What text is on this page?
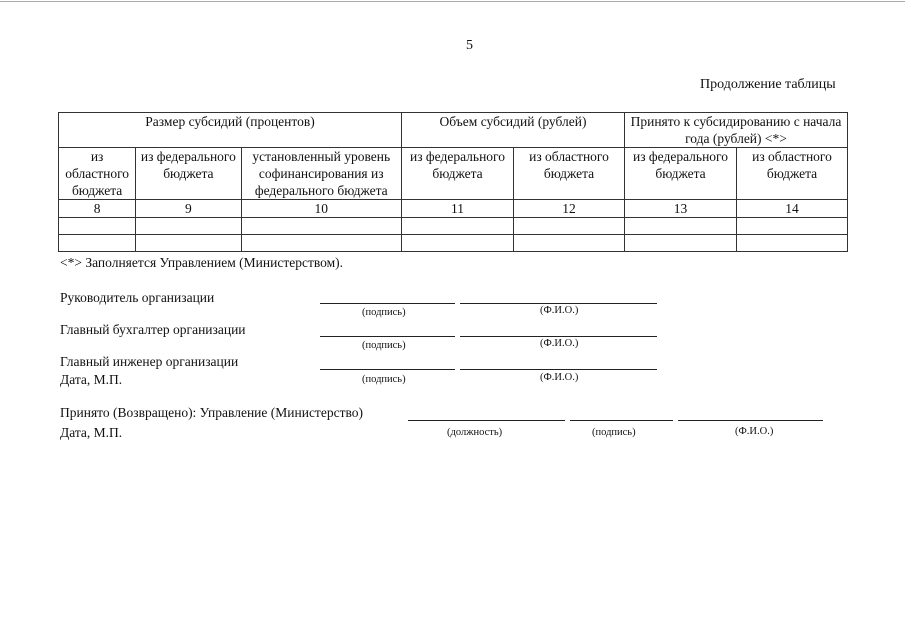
5
Продолжение таблицы
Размер субсидий (процентов)			Объем субсидий (рублей)		Принято к субсидированию с начала года (рублей) <*>	
из областного бюджета	из федерального бюджета	установленный уровень софинансирования из федерального бюджета	из федерального бюджета	из областного бюджета	из федерального бюджета	из областного бюджета
8	9	10	11	12	13	14

<*> Заполняется Управлением (Министерством).
Руководитель организации
(подпись)	(Ф.И.О.)
Главный бухгалтер организации
(подпись)	(Ф.И.О.)
Главный инженер организации
Дата, М.П.	(подпись)	(Ф.И.О.)
Принято (Возвращено): Управление (Министерство)
Дата, М.П.	(должность)	(подпись)	(Ф.И.О.)
